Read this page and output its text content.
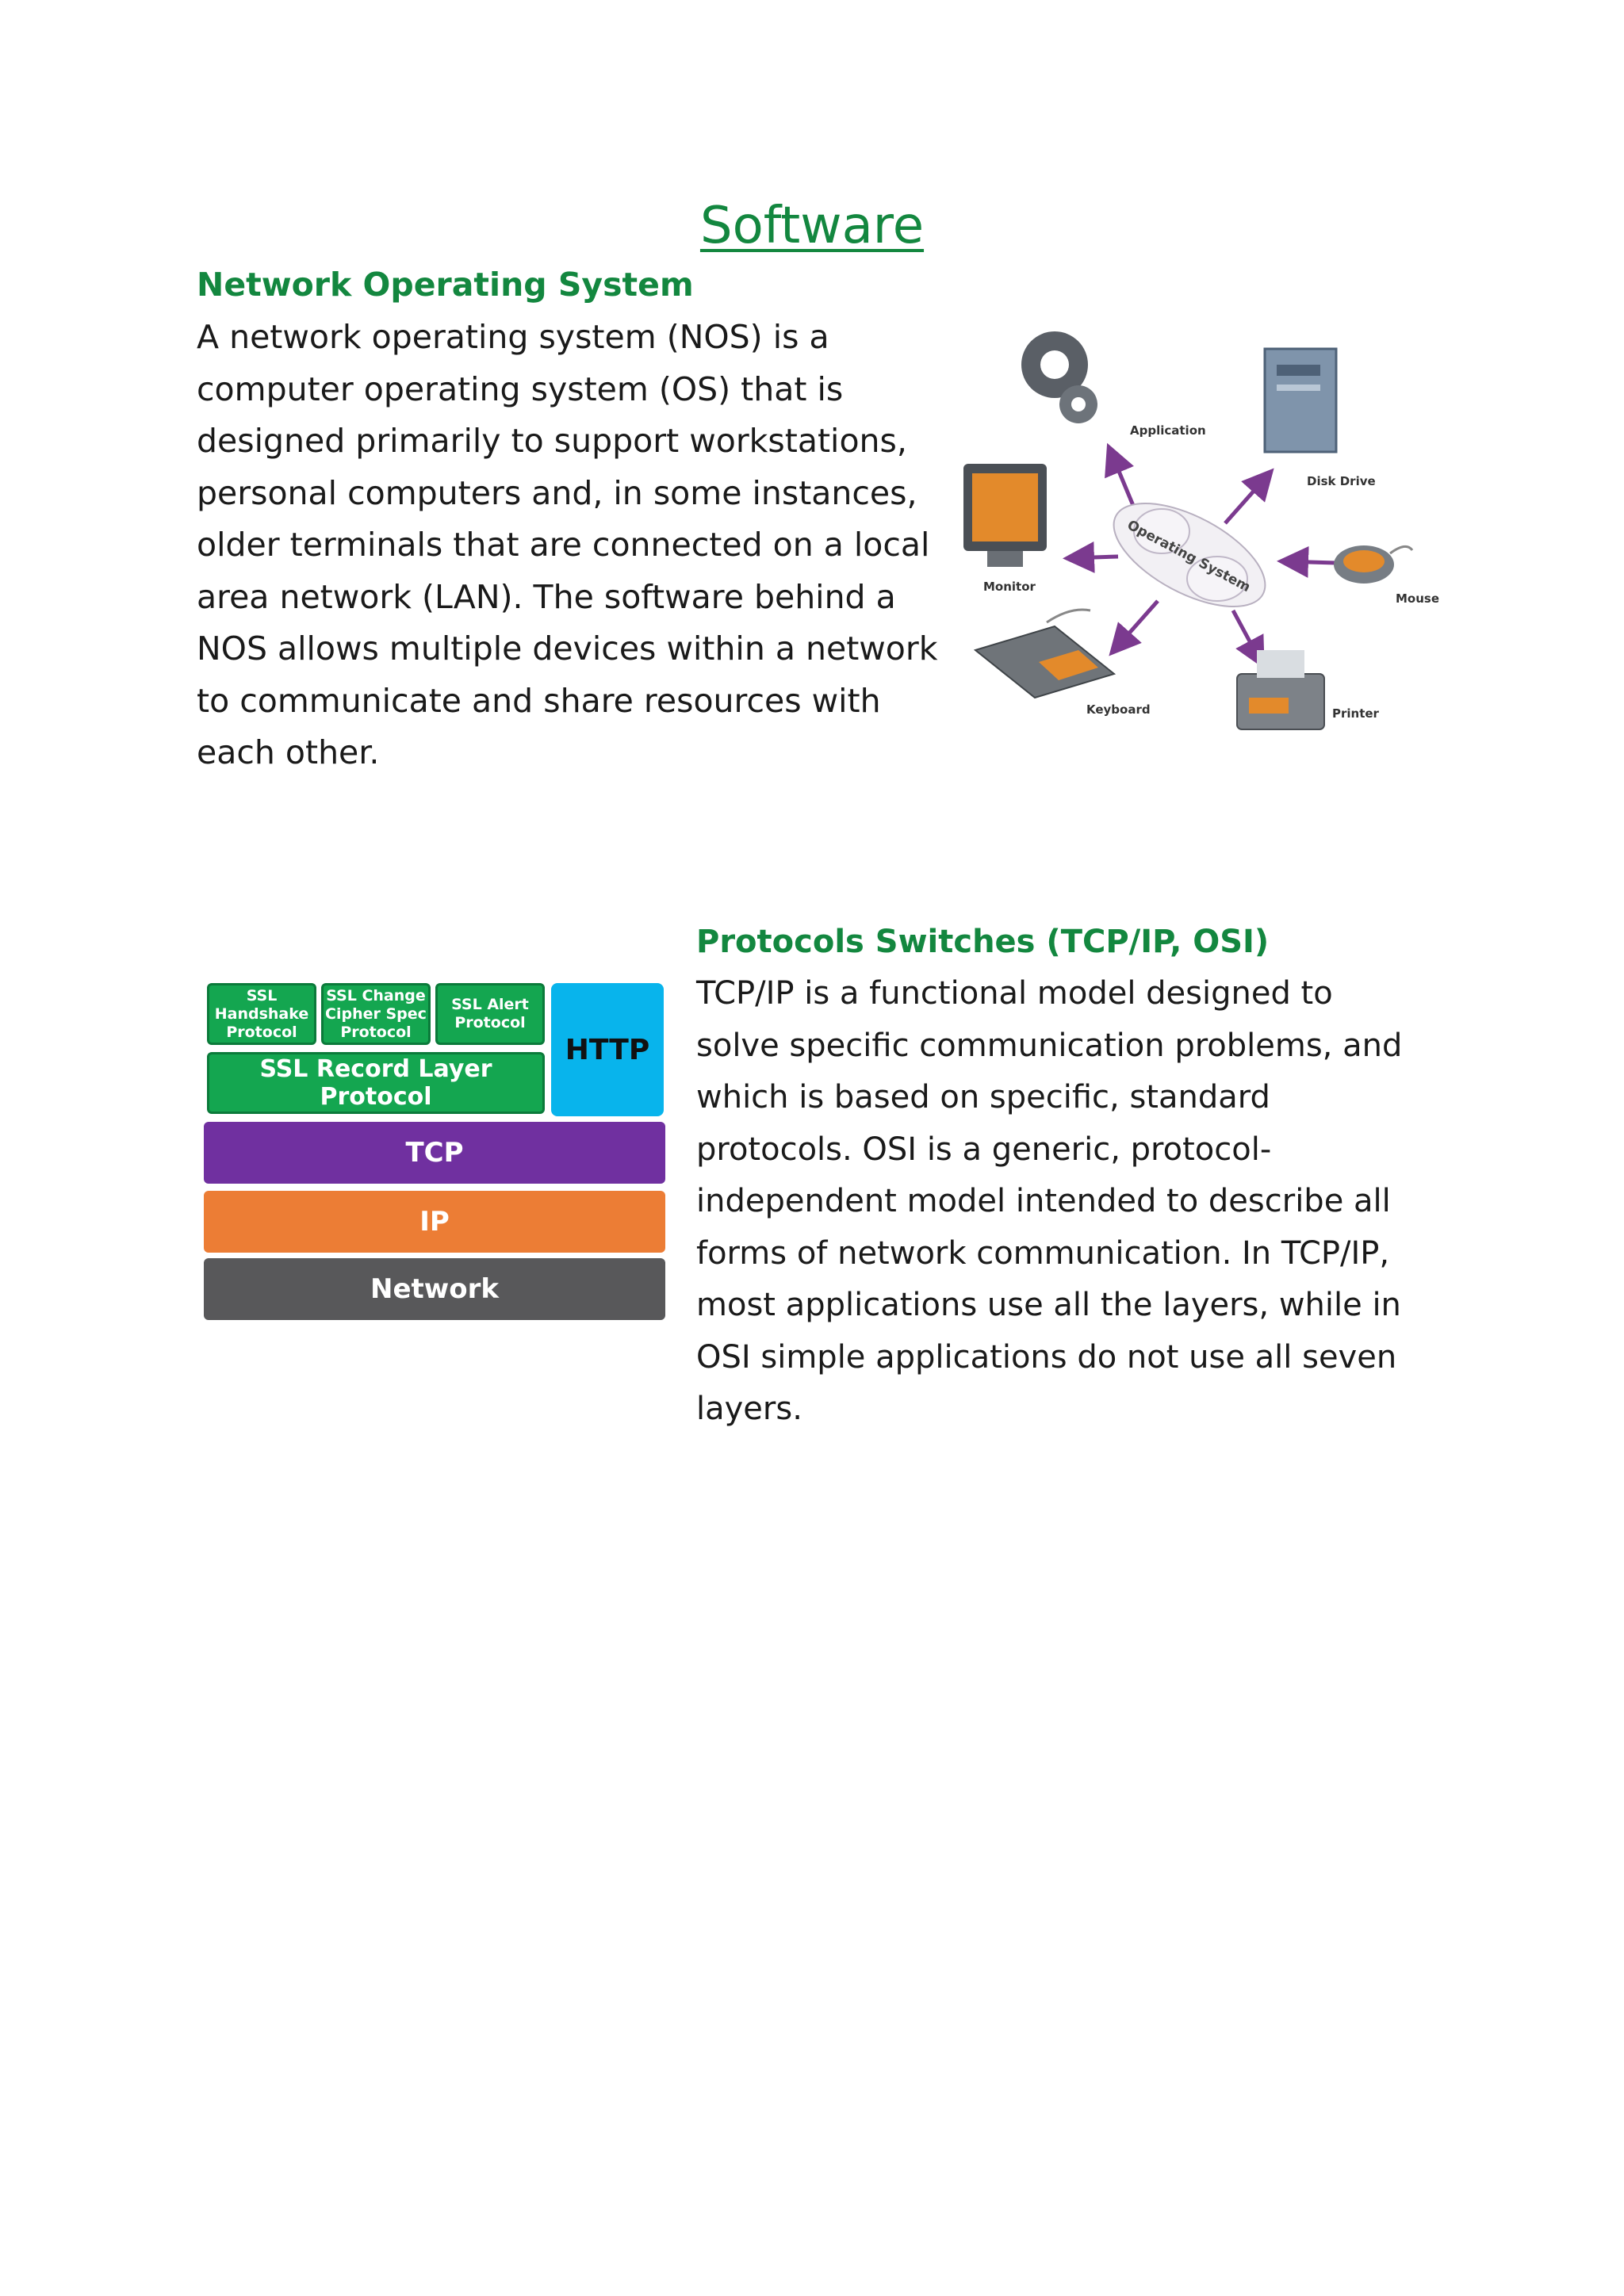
Software
Network Operating System

A network operating system (NOS) is a computer operating system (OS) that is designed primarily to support workstations, personal computers and, in some instances, older terminals that are connected on a local area network (LAN). The software behind a NOS allows multiple devices within a network to communicate and share resources with each other.

Operating System
Application
Disk Drive
Monitor
Mouse
Keyboard	Printer
SSL Handshake Protocol
SSL Change Cipher Spec Protocol
SSL Alert Protocol
HTTP
SSL Record Layer Protocol
TCP
IP
Network
Protocols Switches (TCP/IP, OSI)

TCP/IP is a functional model designed to solve specific communication problems, and which is based on specific, standard protocols. OSI is a generic, protocol-independent model intended to describe all forms of network communication. In TCP/IP, most applications use all the layers, while in OSI simple applications do not use all seven layers.
